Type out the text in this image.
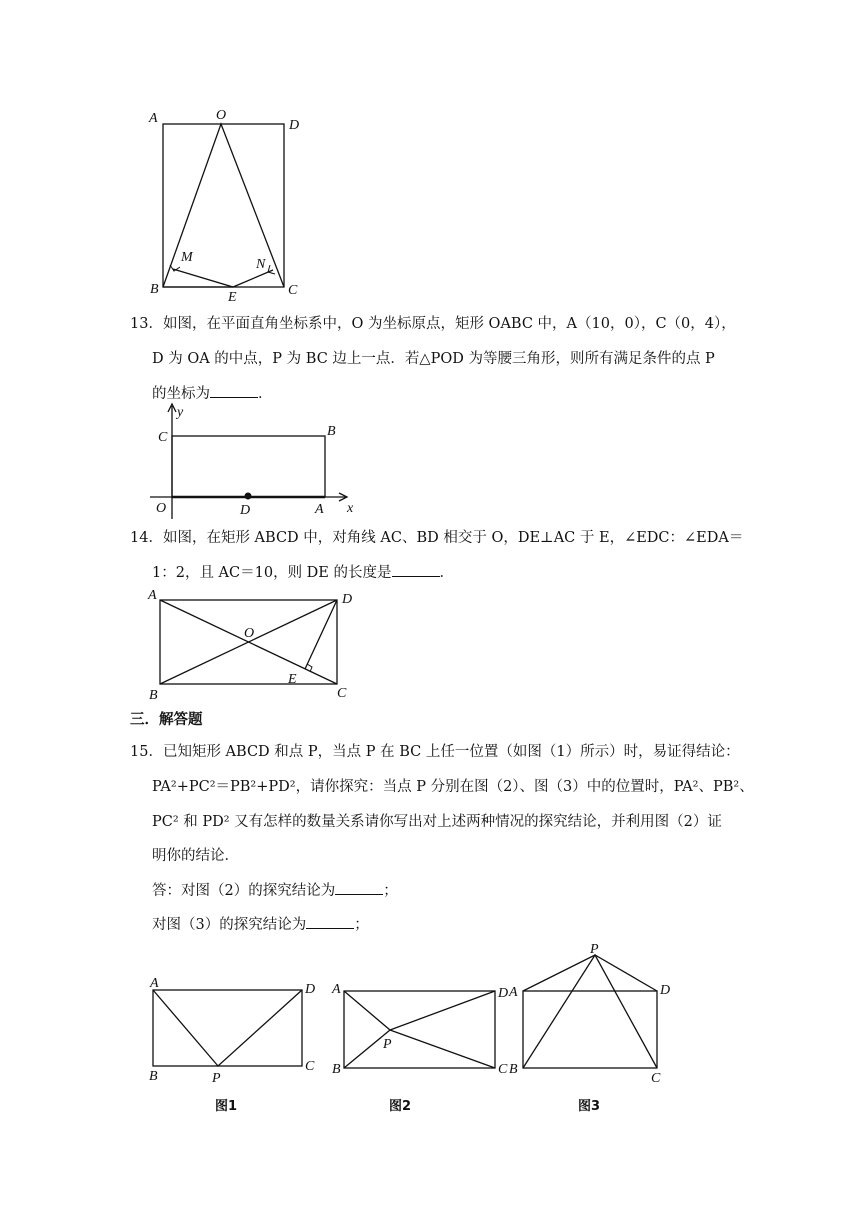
A	O
D
M	N
B
E	C
y
C	B
O	D	A x
A	D
O
E
B	C
A	D
B	P
C
图1
A	D
P
B	C
图2
P
A	D
B
C
图3
13．如图，在平面直角坐标系中，O 为坐标原点，矩形 OABC 中，A（10，0），C（0，4），
D 为 OA 的中点，P 为 BC 边上一点．若△POD 为等腰三角形，则所有满足条件的点 P
的坐标为	．
14．如图，在矩形 ABCD 中，对角线 AC、BD 相交于 O，DE⊥AC 于 E，∠EDC：∠EDA＝
1：2，且 AC＝10，则 DE 的长度是	．
三．解答题
15．已知矩形 ABCD 和点 P，当点 P 在 BC 上任一位置（如图（1）所示）时，易证得结论：
PA²+PC²＝PB²+PD²，请你探究：当点 P 分别在图（2）、图（3）中的位置时，PA²、PB²、
PC² 和 PD² 又有怎样的数量关系请你写出对上述两种情况的探究结论，并利用图（2）证
明你的结论．
答：对图（2）的探究结论为	；
对图（3）的探究结论为	；
